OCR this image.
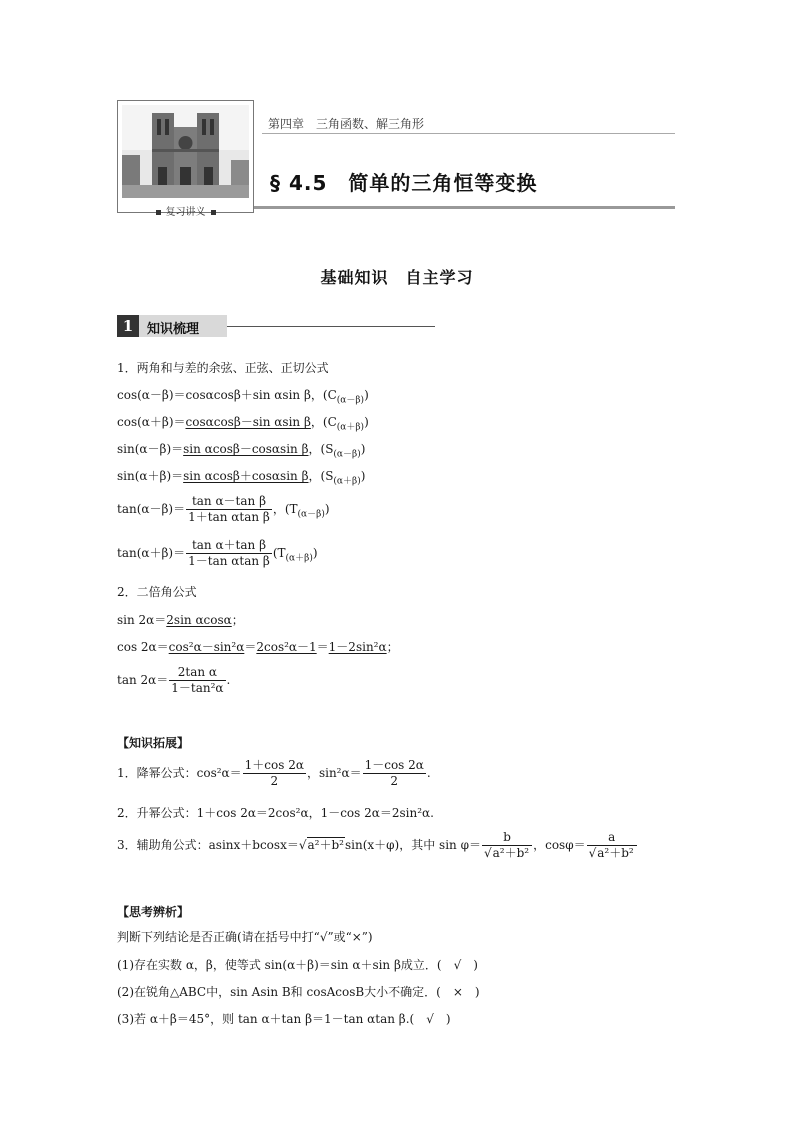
复习讲义
第四章　三角函数、解三角形
§ 4.5　简单的三角恒等变换
基础知识　自主学习
1	知识梳理
1．两角和与差的余弦、正弦、正切公式
cos(α－β)＝cosαcosβ＋sin αsin β，$(C_{(\alpha-\beta)})$
cos(α＋β)＝cosαcosβ－sin αsin β，$(C_{(\alpha+\beta)})$
sin(α－β)＝sin αcosβ－cosαsin β，$(S_{(\alpha-\beta)})$
sin(α＋β)＝sin αcosβ＋cosαsin β，$(S_{(\alpha+\beta)})$
$\tan(\alpha-\beta)= \frac{\text{tan α－tan β}}{\text{1＋tan αtan β}}$ ，$(T_{(\alpha-\beta)})$
$\tan(\alpha+\beta)= \frac{\text{tan α＋tan β}}{\text{1－tan αtan β}} (T_{(\alpha+\beta)})$
2．二倍角公式
sin 2α＝2sin αcosα；
cos 2α＝cos²α－sin²α＝2cos²α－1＝1－2sin²α；
$\tan 2\alpha= \frac{\text{2tan α}}{\text{1－tan²α}}$ .
【知识拓展】
1．降幂公式：$\cos^2\alpha= \frac{1+\cos 2\alpha}{2}$ ，$\sin^2\alpha= \frac{1-\cos 2\alpha}{2}$ .
2．升幂公式：1＋cos 2α＝2cos²α，1－cos 2α＝2sin²α.
3．辅助角公式：asinx＋bcosx＝√a²＋b²sin(x＋φ)，其中 $\sin \varphi= \frac{b}{\text{√a²＋b²}}$ ，$\cos\varphi= \frac{a}{\text{√a²＋b²}}$
【思考辨析】
判断下列结论是否正确(请在括号中打“√”或“×”)
(1)存在实数 α，β，使等式 sin(α＋β)＝sin α＋sin β成立．(　√　)
(2)在锐角△ABC中，sin Asin B和 cosAcosB大小不确定．(　×　)
(3)若 α＋β＝45°，则 tan α＋tan β＝1－tan αtan β.(　√　)
